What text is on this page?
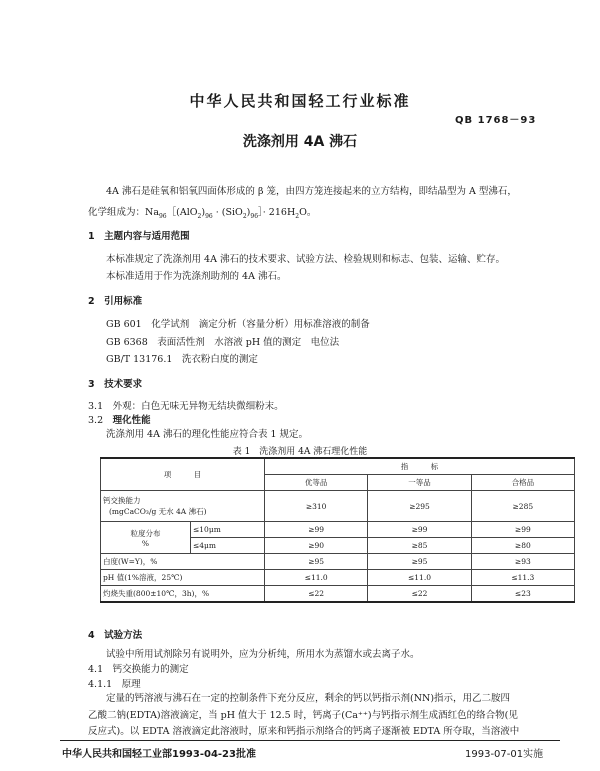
中华人民共和国轻工行业标准
QB 1768－93
洗涤剂用 4A 沸石
4A 沸石是硅氧和铝氧四面体形成的 β 笼，由四方笼连接起来的立方结构，即结晶型为 A 型沸石，
化学组成为：$Na_{96}[(AlO_2)_{96}$ · $(SiO_2)_{96}]\cdot 216H_2O$。
1　主题内容与适用范围
本标准规定了洗涤剂用 4A 沸石的技术要求、试验方法、检验规则和标志、包装、运输、贮存。
本标准适用于作为洗涤剂助剂的 4A 沸石。
2　引用标准
GB 601　化学试剂　滴定分析（容量分析）用标准溶液的制备
GB 6368　表面活性剂　水溶液 pH 值的测定　电位法
GB/T 13176.1　洗衣粉白度的测定
3　技术要求
3.1　外观：白色无味无异物无结块微细粉末。
3.2　 理化性能
洗涤剂用 4A 沸石的理化性能应符合表 1 规定。
表 1　洗涤剂用 4A 沸石理化性能
项　　　目		指　　　标		
		优等品	一等品	合格品

钙交换能力
(mgCaCO₃/g 无水 4A 沸石)		≥310	≥295	≥285

粒度分布
%	≤10μm	≥99	≥99	≥99
	≤4μm	≥90	≥85	≥80
白度(W=Y)，%		≥95	≥95	≥93
pH 值(1%溶液，25℃)		≤11.0	≤11.0	≤11.3
灼烧失重(800±10℃，3h)，%		≤22	≤22	≤23
4　试验方法
试验中所用试剂除另有说明外，应为分析纯，所用水为蒸馏水或去离子水。
4.1　钙交换能力的测定
4.1.1　原理
定量的钙溶液与沸石在一定的控制条件下充分反应，剩余的钙以钙指示剂(NN)指示，用乙二胺四
乙酸二钠(EDTA)溶液滴定，当 pH 值大于 12.5 时，钙离子(Ca⁺⁺)与钙指示剂生成酒红色的络合物(见
反应式)。以 EDTA 溶液滴定此溶液时，原来和钙指示剂络合的钙离子逐渐被 EDTA 所夺取，当溶液中
中华人民共和国轻工业部1993-04-23批准	1993-07-01实施
